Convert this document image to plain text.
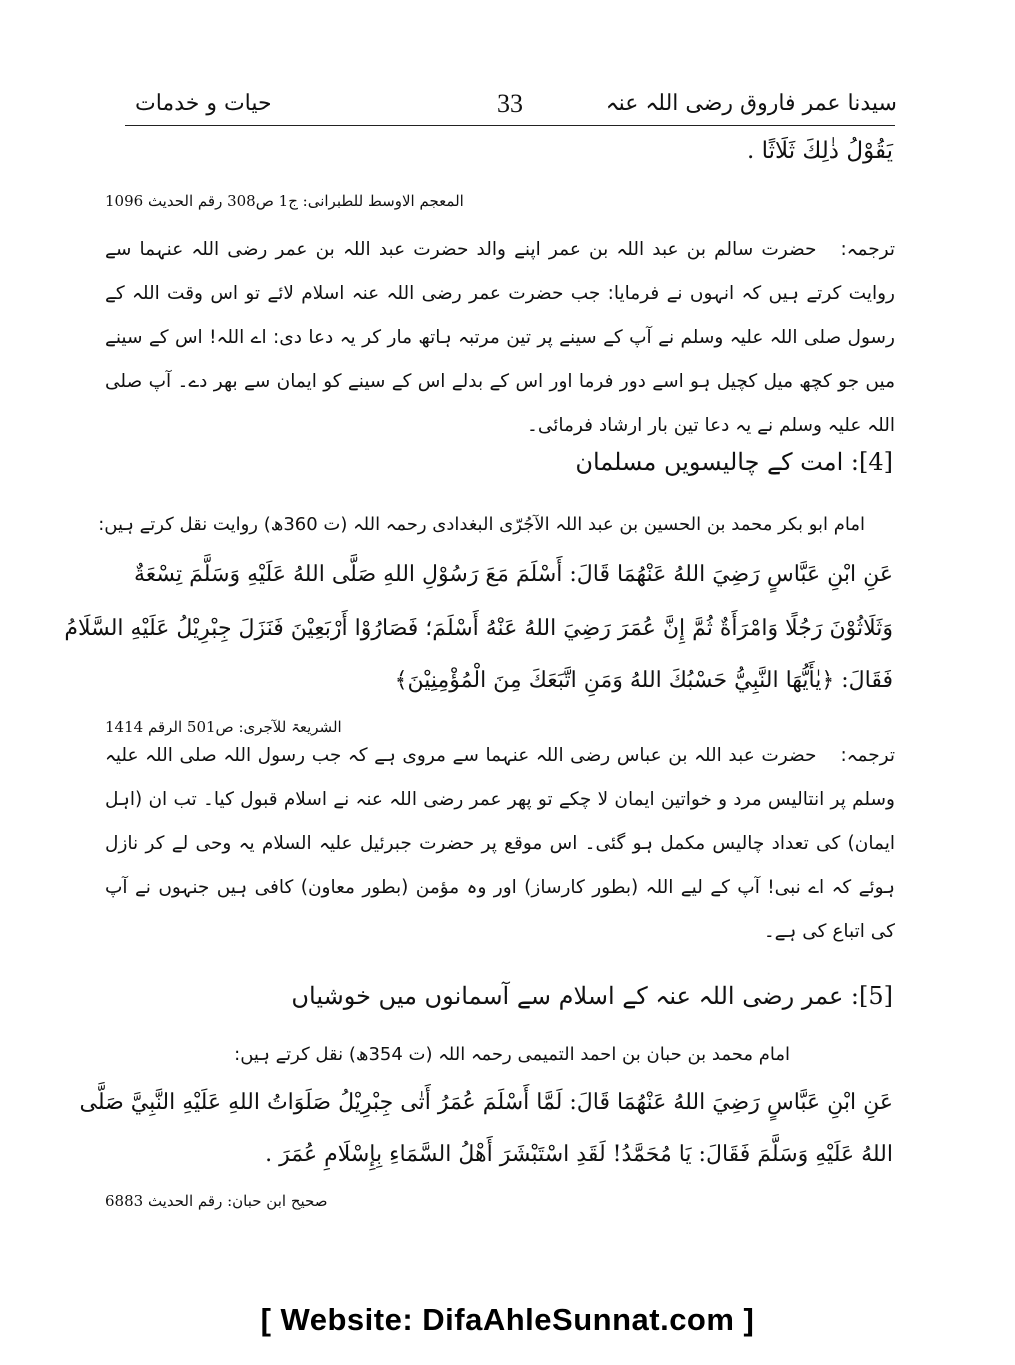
سیدنا عمر فاروق رضی اللہ عنہ
33
حیات و خدمات
يَقُوْلُ ذٰلِكَ ثَلَاثًا .
المعجم الاوسط للطبرانی: ج1 ص308 رقم الحدیث 1096
ترجمہ:حضرت سالم بن عبد اللہ بن عمر اپنے والد حضرت عبد اللہ بن عمر رضی اللہ عنہما سے روایت کرتے ہیں کہ انہوں نے فرمایا: جب حضرت عمر رضی اللہ عنہ اسلام لائے تو اس وقت اللہ کے رسول صلی اللہ علیہ وسلم نے آپ کے سینے پر تین مرتبہ ہاتھ مار کر یہ دعا دی: اے اللہ! اس کے سینے میں جو کچھ میل کچیل ہو اسے دور فرما اور اس کے بدلے اس کے سینے کو ایمان سے بھر دے۔ آپ صلی اللہ علیہ وسلم نے یہ دعا تین بار ارشاد فرمائی۔
[4]: امت کے چالیسویں مسلمان
امام ابو بکر محمد بن الحسین بن عبد اللہ الآجُرّی البغدادی رحمہ اللہ (ت 360ھ) روایت نقل کرتے ہیں:
عَنِ ابْنِ عَبَّاسٍ رَضِيَ اللهُ عَنْهُمَا قَالَ: أَسْلَمَ مَعَ رَسُوْلِ اللهِ صَلَّى اللهُ عَلَيْهِ وَسَلَّمَ تِسْعَةٌ
وَثَلَاثُوْنَ رَجُلًا وَامْرَأَةٌ ثُمَّ إِنَّ عُمَرَ رَضِيَ اللهُ عَنْهُ أَسْلَمَ؛ فَصَارُوْا أَرْبَعِيْنَ فَنَزَلَ جِبْرِيْلُ عَلَيْهِ السَّلَامُ
فَقَالَ: ﴿يٰأَيُّهَا النَّبِيُّ حَسْبُكَ اللهُ وَمَنِ اتَّبَعَكَ مِنَ الْمُؤْمِنِيْنَ﴾
الشریعۃ للآجری: ص501 الرقم 1414
ترجمہ:حضرت عبد اللہ بن عباس رضی اللہ عنہما سے مروی ہے کہ جب رسول اللہ صلی اللہ علیہ وسلم پر انتالیس مرد و خواتین ایمان لا چکے تو پھر عمر رضی اللہ عنہ نے اسلام قبول کیا۔ تب ان (اہل ایمان) کی تعداد چالیس مکمل ہو گئی۔ اس موقع پر حضرت جبرئیل علیہ السلام یہ وحی لے کر نازل ہوئے کہ اے نبی! آپ کے لیے اللہ (بطور کارساز) اور وہ مؤمن (بطور معاون) کافی ہیں جنہوں نے آپ کی اتباع کی ہے۔
[5]: عمر رضی اللہ عنہ کے اسلام سے آسمانوں میں خوشیاں
امام محمد بن حبان بن احمد التمیمی رحمہ اللہ (ت 354ھ) نقل کرتے ہیں:
عَنِ ابْنِ عَبَّاسٍ رَضِيَ اللهُ عَنْهُمَا قَالَ: لَمَّا أَسْلَمَ عُمَرُ أَتٰى جِبْرِيْلُ صَلَوَاتُ اللهِ عَلَيْهِ النَّبِيَّ صَلَّى
اللهُ عَلَيْهِ وَسَلَّمَ فَقَالَ: يَا مُحَمَّدُ! لَقَدِ اسْتَبْشَرَ أَهْلُ السَّمَاءِ بِإِسْلَامِ عُمَرَ .
صحیح ابن حبان: رقم الحدیث 6883
[ Website: DifaAhleSunnat.com ]
